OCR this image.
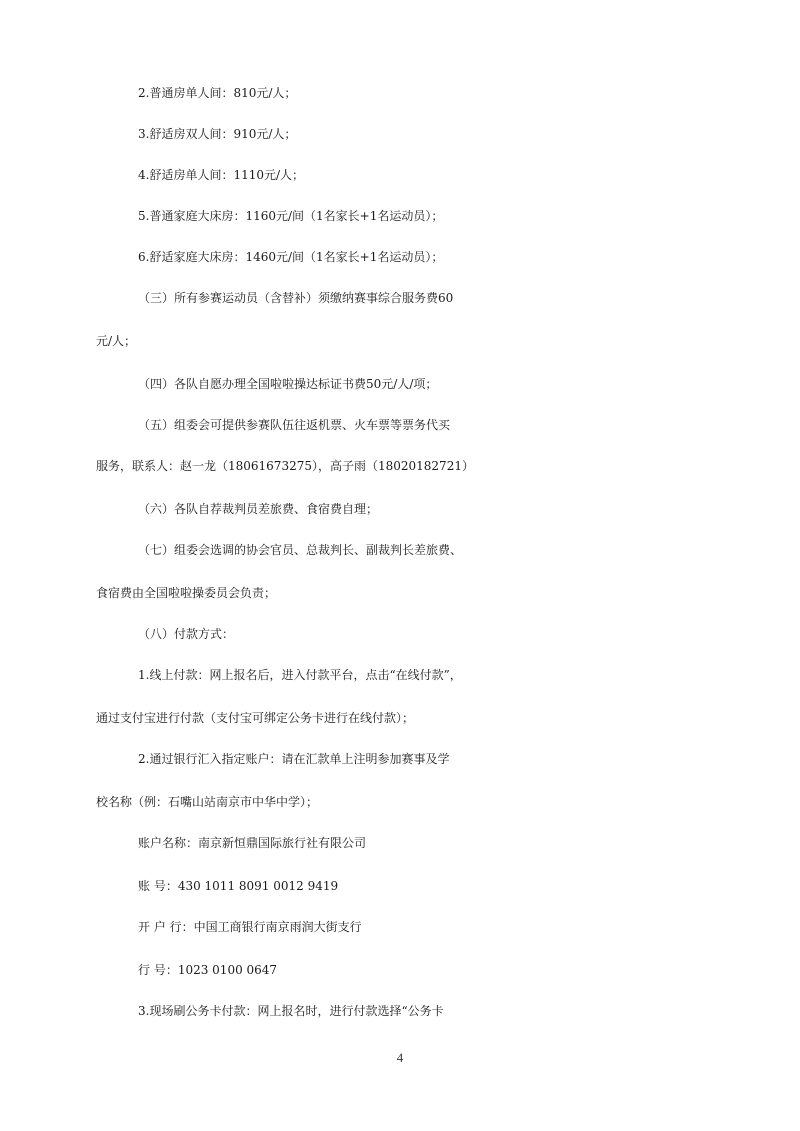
2.普通房单人间：810元/人；
3.舒适房双人间：910元/人；
4.舒适房单人间：1110元/人；
5.普通家庭大床房：1160元/间（1名家长+1名运动员）；
6.舒适家庭大床房：1460元/间（1名家长+1名运动员）；
（三）所有参赛运动员（含替补）须缴纳赛事综合服务费60
元/人；
（四）各队自愿办理全国啦啦操达标证书费50元/人/项；
（五）组委会可提供参赛队伍往返机票、火车票等票务代买
服务，联系人：赵一龙（18061673275），高子雨（18020182721）
（六）各队自荐裁判员差旅费、食宿费自理；
（七）组委会选调的协会官员、总裁判长、副裁判长差旅费、
食宿费由全国啦啦操委员会负责；
（八）付款方式：
1.线上付款：网上报名后，进入付款平台，点击“在线付款”，
通过支付宝进行付款（支付宝可绑定公务卡进行在线付款）；
2.通过银行汇入指定账户：请在汇款单上注明参加赛事及学
校名称（例：石嘴山站南京市中华中学）；
账户名称：南京新恒鼎国际旅行社有限公司
账 号：430 1011 8091 0012 9419
开 户 行：中国工商银行南京雨润大街支行
行 号：1023 0100 0647
3.现场刷公务卡付款：网上报名时，进行付款选择“公务卡
4
